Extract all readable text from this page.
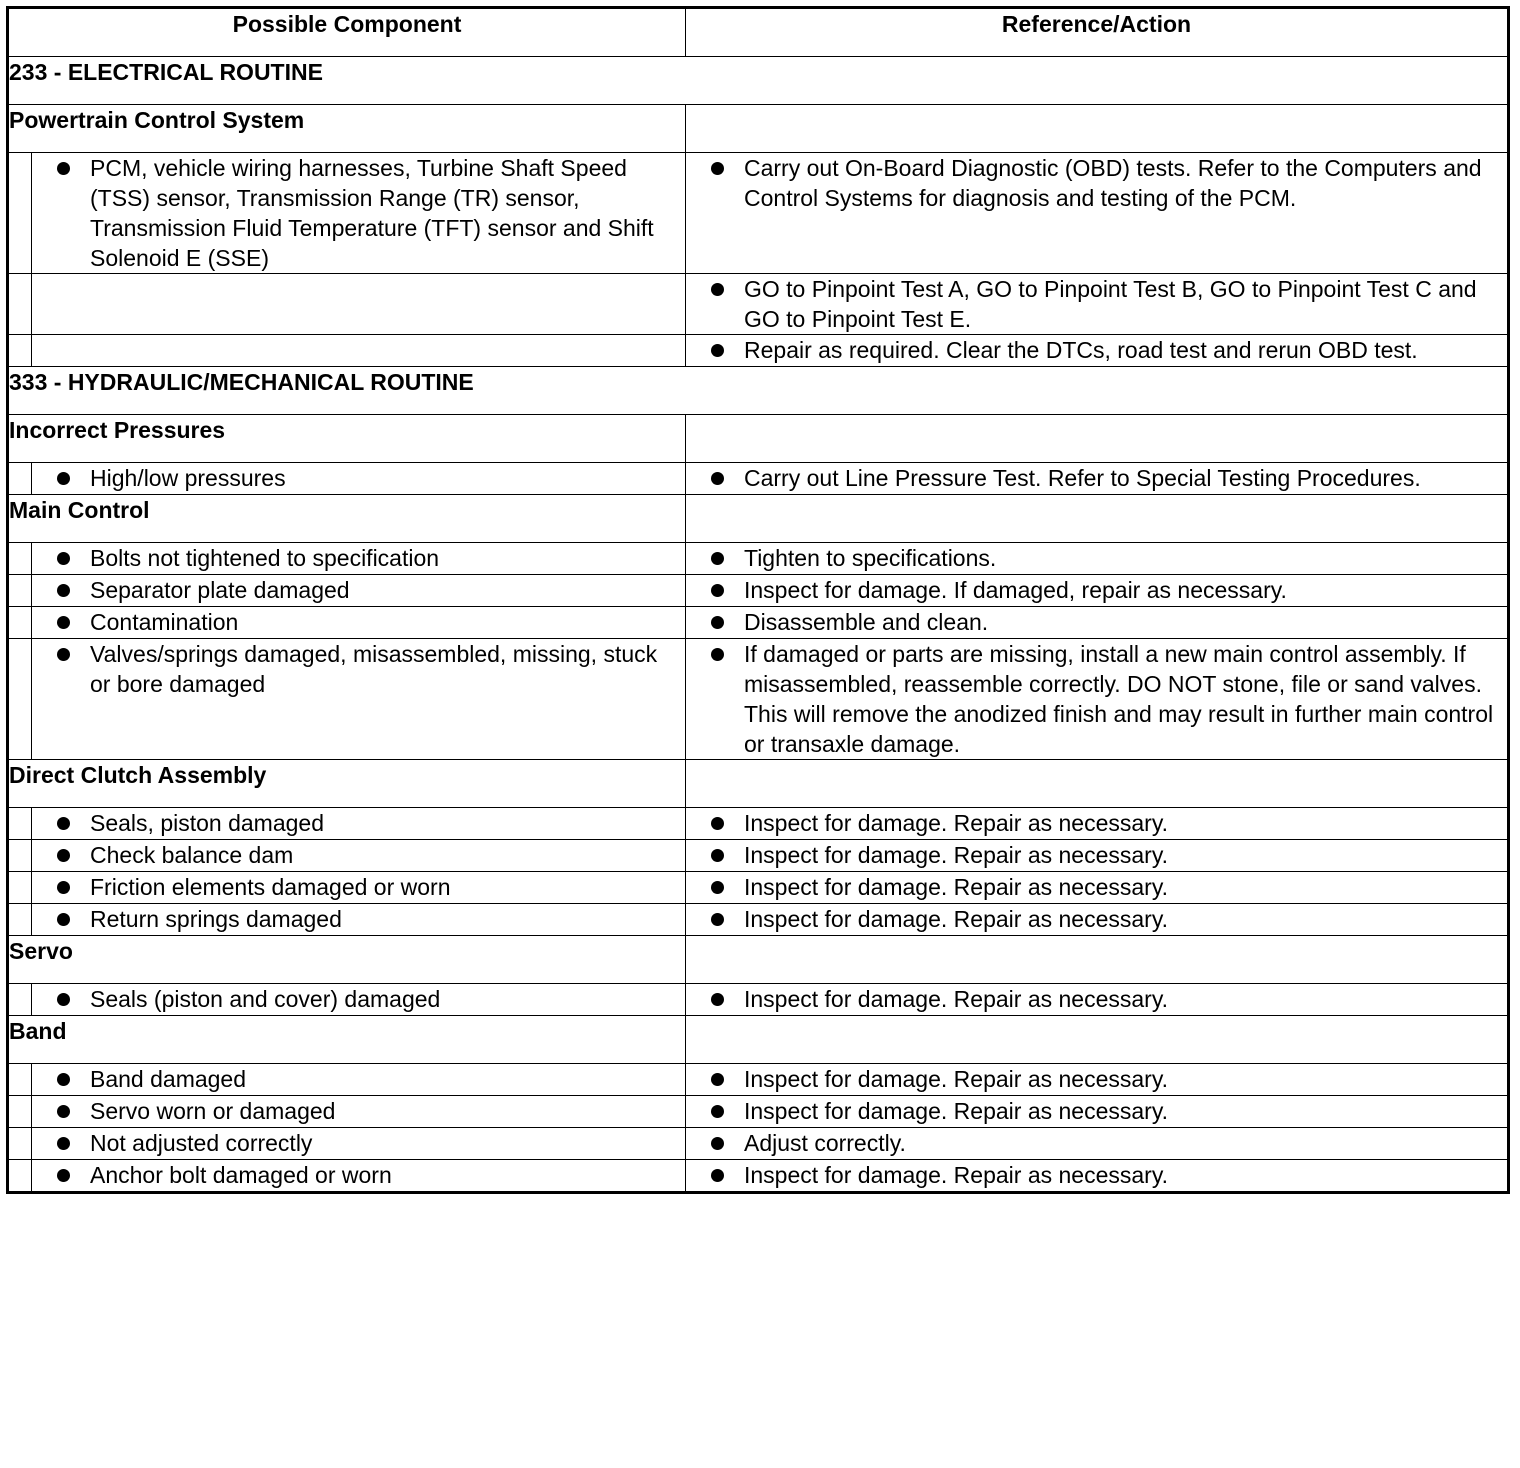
Possible Component		Reference/Action
233 - ELECTRICAL ROUTINE		
Powertrain Control System		

	PCM, vehicle wiring harnesses, Turbine Shaft Speed (TSS) sensor, Transmission Range (TR) sensor, Transmission Fluid Temperature (TFT) sensor and Shift Solenoid E (SSE)	Carry out On-Board Diagnostic (OBD) tests. Refer to the Computers and Control Systems for diagnosis and testing of the PCM.

		GO to Pinpoint Test A, GO to Pinpoint Test B, GO to Pinpoint Test C and GO to Pinpoint Test E.

		Repair as required. Clear the DTCs, road test and rerun OBD test.

333 - HYDRAULIC/MECHANICAL ROUTINE		
Incorrect Pressures		

	High/low pressures	Carry out Line Pressure Test. Refer to Special Testing Procedures.

Main Control		

	Bolts not tightened to specification	Tighten to specifications.

	Separator plate damaged	Inspect for damage. If damaged, repair as necessary.

	Contamination	Disassemble and clean.

	Valves/springs damaged, misassembled, missing, stuck or bore damaged	If damaged or parts are missing, install a new main control assembly. If misassembled, reassemble correctly. DO NOT stone, file or sand valves. This will remove the anodized finish and may result in further main control or transaxle damage.

Direct Clutch Assembly		

	Seals, piston damaged	Inspect for damage. Repair as necessary.

	Check balance dam	Inspect for damage. Repair as necessary.

	Friction elements damaged or worn	Inspect for damage. Repair as necessary.

	Return springs damaged	Inspect for damage. Repair as necessary.

Servo		

	Seals (piston and cover) damaged	Inspect for damage. Repair as necessary.

Band		

	Band damaged	Inspect for damage. Repair as necessary.

	Servo worn or damaged	Inspect for damage. Repair as necessary.

	Not adjusted correctly	Adjust correctly.

	Anchor bolt damaged or worn	Inspect for damage. Repair as necessary.
